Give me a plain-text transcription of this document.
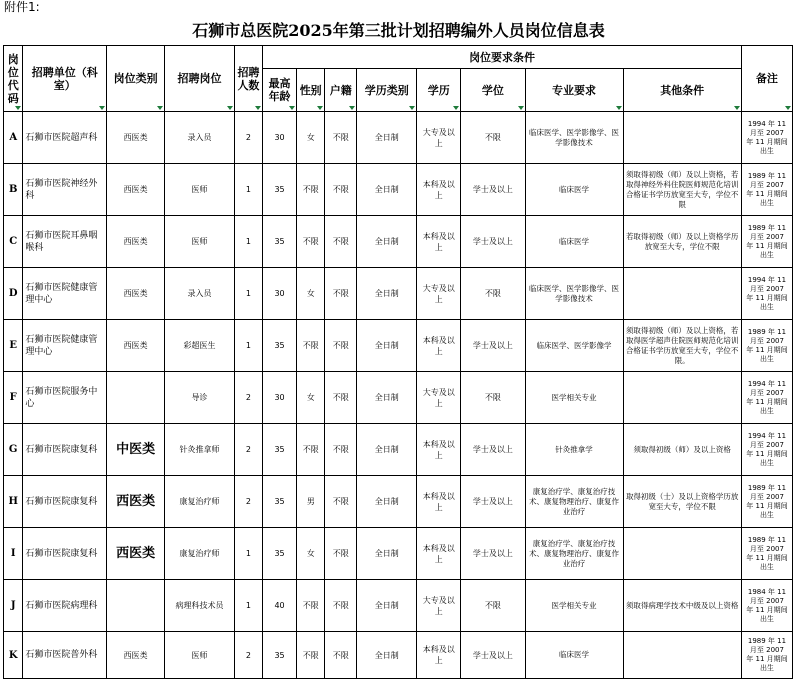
附件1:
石狮市总医院2025年第三批计划招聘编外人员岗位信息表
岗位代码	招聘单位（科室）	岗位类别	招聘岗位	招聘人数	岗位要求条件								备注

					最高年龄	性别	户籍	学历类别	学历	学位	专业要求	其他条件	

A	石狮市医院超声科	西医类	录入员	2	30	女	不限	全日制	大专及以上	不限	临床医学、医学影像学、医学影像技术		1994 年 11 月至 2007 年 11 月期间出生
B	石狮市医院神经外科	西医类	医师	1	35	不限	不限	全日制	本科及以上	学士及以上	临床医学	须取得初级（师）及以上资格，若取得神经外科住院医师规范化培训合格证书学历放宽至大专，学位不限	1989 年 11 月至 2007 年 11 月期间出生
C	石狮市医院耳鼻咽喉科	西医类	医师	1	35	不限	不限	全日制	本科及以上	学士及以上	临床医学	若取得初级（师）及以上资格学历放宽至大专，学位不限	1989 年 11 月至 2007 年 11 月期间出生
D	石狮市医院健康管理中心	西医类	录入员	1	30	女	不限	全日制	大专及以上	不限	临床医学、医学影像学、医学影像技术		1994 年 11 月至 2007 年 11 月期间出生
E	石狮市医院健康管理中心	西医类	彩超医生	1	35	不限	不限	全日制	本科及以上	学士及以上	临床医学、医学影像学	须取得初级（师）及以上资格，若取得医学超声住院医师规范化培训合格证书学历放宽至大专，学位不限。	1989 年 11 月至 2007 年 11 月期间出生
F	石狮市医院服务中心		导诊	2	30	女	不限	全日制	大专及以上	不限	医学相关专业		1994 年 11 月至 2007 年 11 月期间出生
G	石狮市医院康复科	中医类	针灸推拿师	2	35	不限	不限	全日制	本科及以上	学士及以上	针灸推拿学	须取得初级（师）及以上资格	1994 年 11 月至 2007 年 11 月期间出生
H	石狮市医院康复科	西医类	康复治疗师	2	35	男	不限	全日制	本科及以上	学士及以上	康复治疗学、康复治疗技术、康复物理治疗、康复作业治疗	取得初级（士）及以上资格学历放宽至大专，学位不限	1989 年 11 月至 2007 年 11 月期间出生
I	石狮市医院康复科	西医类	康复治疗师	1	35	女	不限	全日制	本科及以上	学士及以上	康复治疗学、康复治疗技术、康复物理治疗、康复作业治疗		1989 年 11 月至 2007 年 11 月期间出生
J	石狮市医院病理科		病理科技术员	1	40	不限	不限	全日制	大专及以上	不限	医学相关专业	须取得病理学技术中级及以上资格	1984 年 11 月至 2007 年 11 月期间出生
K	石狮市医院普外科	西医类	医师	2	35	不限	不限	全日制	本科及以上	学士及以上	临床医学		1989 年 11 月至 2007 年 11 月期间出生
